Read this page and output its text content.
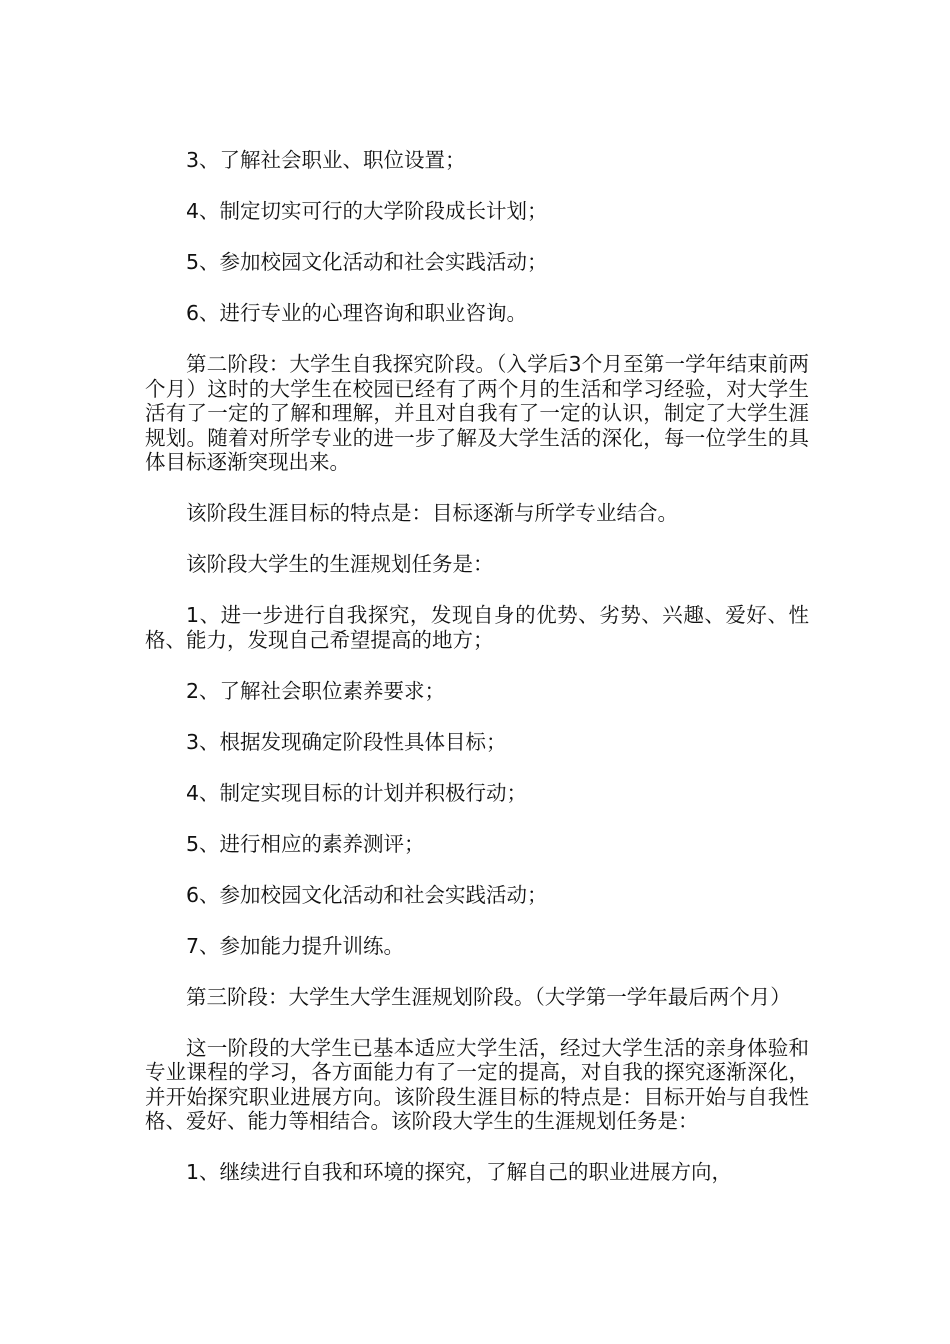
3、了解社会职业、职位设置；

4、制定切实可行的大学阶段成长计划；

5、参加校园文化活动和社会实践活动；

6、进行专业的心理咨询和职业咨询。

第二阶段：大学生自我探究阶段。（入学后3个月至第一学年结束前两个月）这时的大学生在校园已经有了两个月的生活和学习经验，对大学生活有了一定的了解和理解，并且对自我有了一定的认识，制定了大学生涯规划。随着对所学专业的进一步了解及大学生活的深化，每一位学生的具体目标逐渐突现出来。

该阶段生涯目标的特点是：目标逐渐与所学专业结合。

该阶段大学生的生涯规划任务是：

1、进一步进行自我探究，发现自身的优势、劣势、兴趣、爱好、性格、能力，发现自己希望提高的地方；

2、了解社会职位素养要求；

3、根据发现确定阶段性具体目标；

4、制定实现目标的计划并积极行动；

5、进行相应的素养测评；

6、参加校园文化活动和社会实践活动；

7、参加能力提升训练。

第三阶段：大学生大学生涯规划阶段。（大学第一学年最后两个月）

这一阶段的大学生已基本适应大学生活，经过大学生活的亲身体验和专业课程的学习，各方面能力有了一定的提高，对自我的探究逐渐深化，并开始探究职业进展方向。该阶段生涯目标的特点是：目标开始与自我性格、爱好、能力等相结合。该阶段大学生的生涯规划任务是：

1、继续进行自我和环境的探究，了解自己的职业进展方向，
